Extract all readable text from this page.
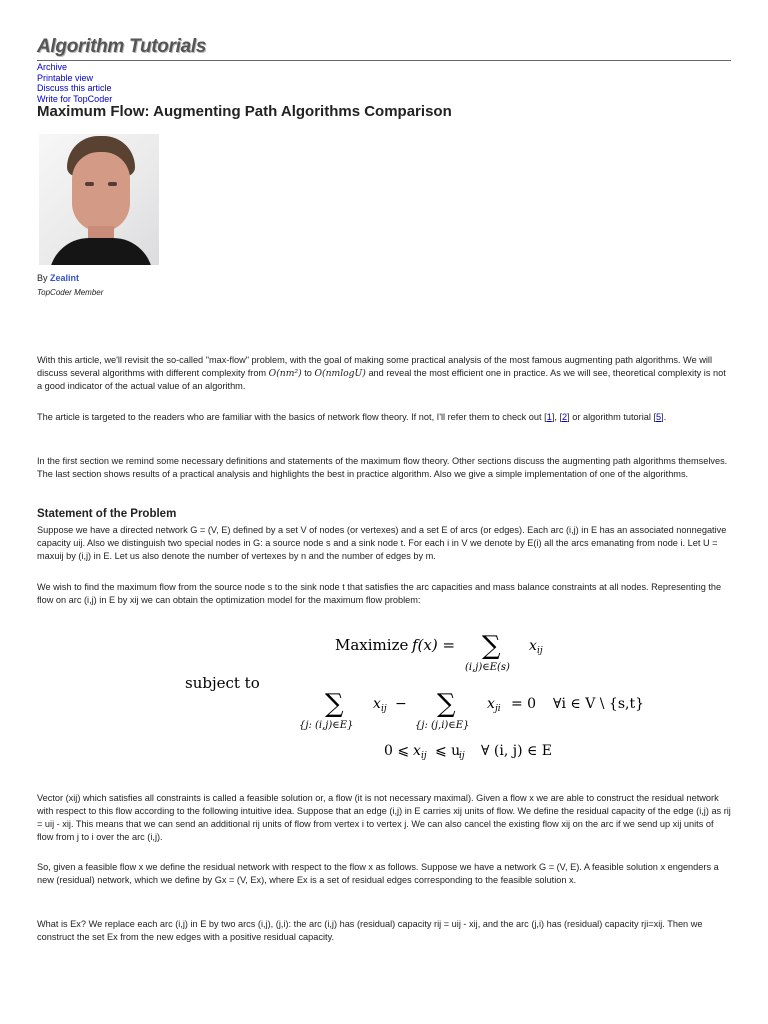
Algorithm Tutorials
Archive
Printable view
Discuss this article
Write for TopCoder
Maximum Flow: Augmenting Path Algorithms Comparison
By Zealint
TopCoder Member

With this article, we'll revisit the so-called "max-flow" problem, with the goal of making some practical analysis of the most famous augmenting path algorithms. We will discuss several algorithms with different complexity from O(nm²) to O(nmlogU) and reveal the most efficient one in practice. As we will see, theoretical complexity is not a good indicator of the actual value of an algorithm.

The article is targeted to the readers who are familiar with the basics of network flow theory. If not, I'll refer them to check out [1], [2] or algorithm tutorial [5].

In the first section we remind some necessary definitions and statements of the maximum flow theory. Other sections discuss the augmenting path algorithms themselves. The last section shows results of a practical analysis and highlights the best in practice algorithm. Also we give a simple implementation of one of the algorithms.

Statement of the Problem

Suppose we have a directed network G = (V, E) defined by a set V of nodes (or vertexes) and a set E of arcs (or edges). Each arc (i,j) in E has an associated nonnegative capacity uij. Also we distinguish two special nodes in G: a source node s and a sink node t. For each i in V we denote by E(i) all the arcs emanating from node i. Let U = maxuij by (i,j) in E. Let us also denote the number of vertexes by n and the number of edges by m.

We wish to find the maximum flow from the source node s to the sink node t that satisfies the arc capacities and mass balance constraints at all nodes. Representing the flow on arc (i,j) in E by xij we can obtain the optimization model for the maximum flow problem:

Maximize f(x) = ∑
(i,j)∈E(s)
x ij
subject to
∑
{j: (i,j)∈E}
x ij − ∑
{j: (j,i)∈E}
x ji = 0 ∀i ∈ V \ {s,t}
0 ⩽ x ij ⩽ u
ij ∀ (i, j) ∈ E

Vector (xij) which satisfies all constraints is called a feasible solution or, a flow (it is not necessary maximal). Given a flow x we are able to construct the residual network with respect to this flow according to the following intuitive idea. Suppose that an edge (i,j) in E carries xij units of flow. We define the residual capacity of the edge (i,j) as rij = uij - xij. This means that we can send an additional rij units of flow from vertex i to vertex j. We can also cancel the existing flow xij on the arc if we send up xij units of flow from j to i over the arc (i,j).

So, given a feasible flow x we define the residual network with respect to the flow x as follows. Suppose we have a network G = (V, E). A feasible solution x engenders a new (residual) network, which we define by Gx = (V, Ex), where Ex is a set of residual edges corresponding to the feasible solution x.

What is Ex? We replace each arc (i,j) in E by two arcs (i,j), (j,i): the arc (i,j) has (residual) capacity rij = uij - xij, and the arc (j,i) has (residual) capacity rji=xij. Then we construct the set Ex from the new edges with a positive residual capacity.
